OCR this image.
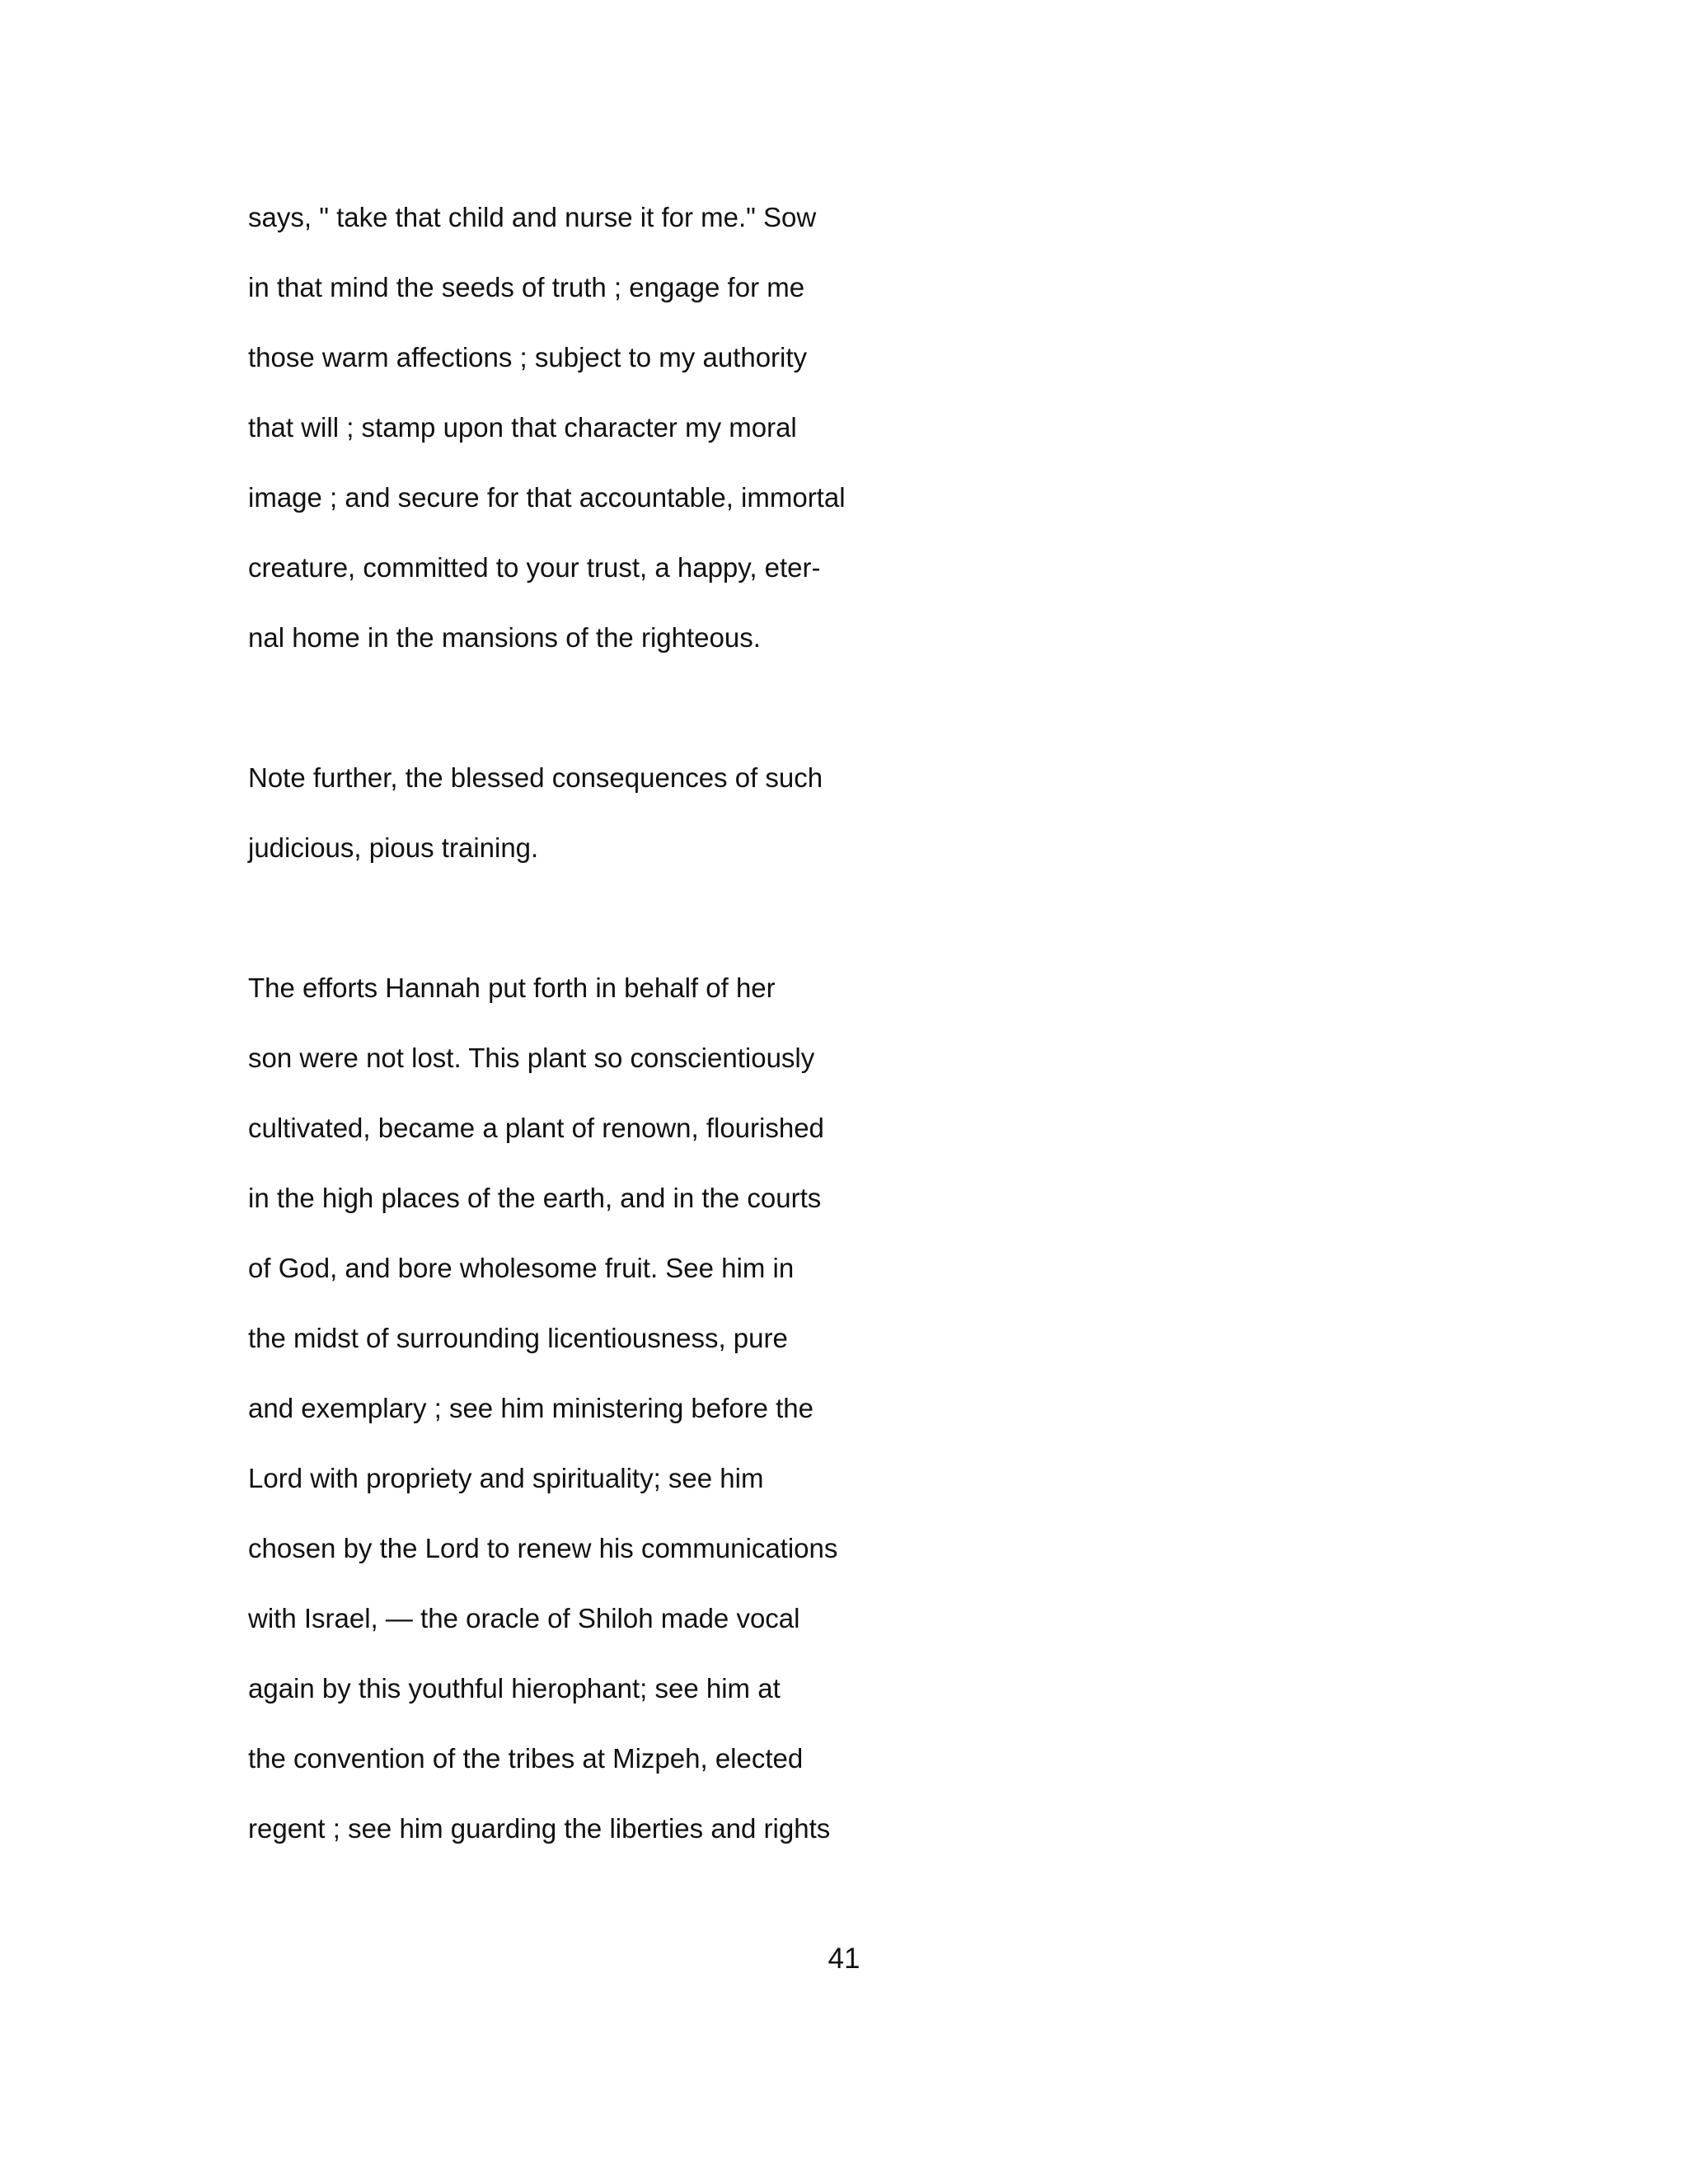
says, " take that child and nurse it for me." Sow
in that mind the seeds of truth ; engage for me
those warm affections ; subject to my authority
that will ; stamp upon that character my moral
image ; and secure for that accountable, immortal
creature, committed to your trust, a happy, eter-
nal home in the mansions of the righteous.
Note further, the blessed consequences of such
judicious, pious training.
The efforts Hannah put forth in behalf of her
son were not lost. This plant so conscientiously
cultivated, became a plant of renown, flourished
in the high places of the earth, and in the courts
of God, and bore wholesome fruit. See him in
the midst of surrounding licentiousness, pure
and exemplary ; see him ministering before the
Lord with propriety and spirituality; see him
chosen by the Lord to renew his communications
with Israel, — the oracle of Shiloh made vocal
again by this youthful hierophant; see him at
the convention of the tribes at Mizpeh, elected
regent ; see him guarding the liberties and rights
41
